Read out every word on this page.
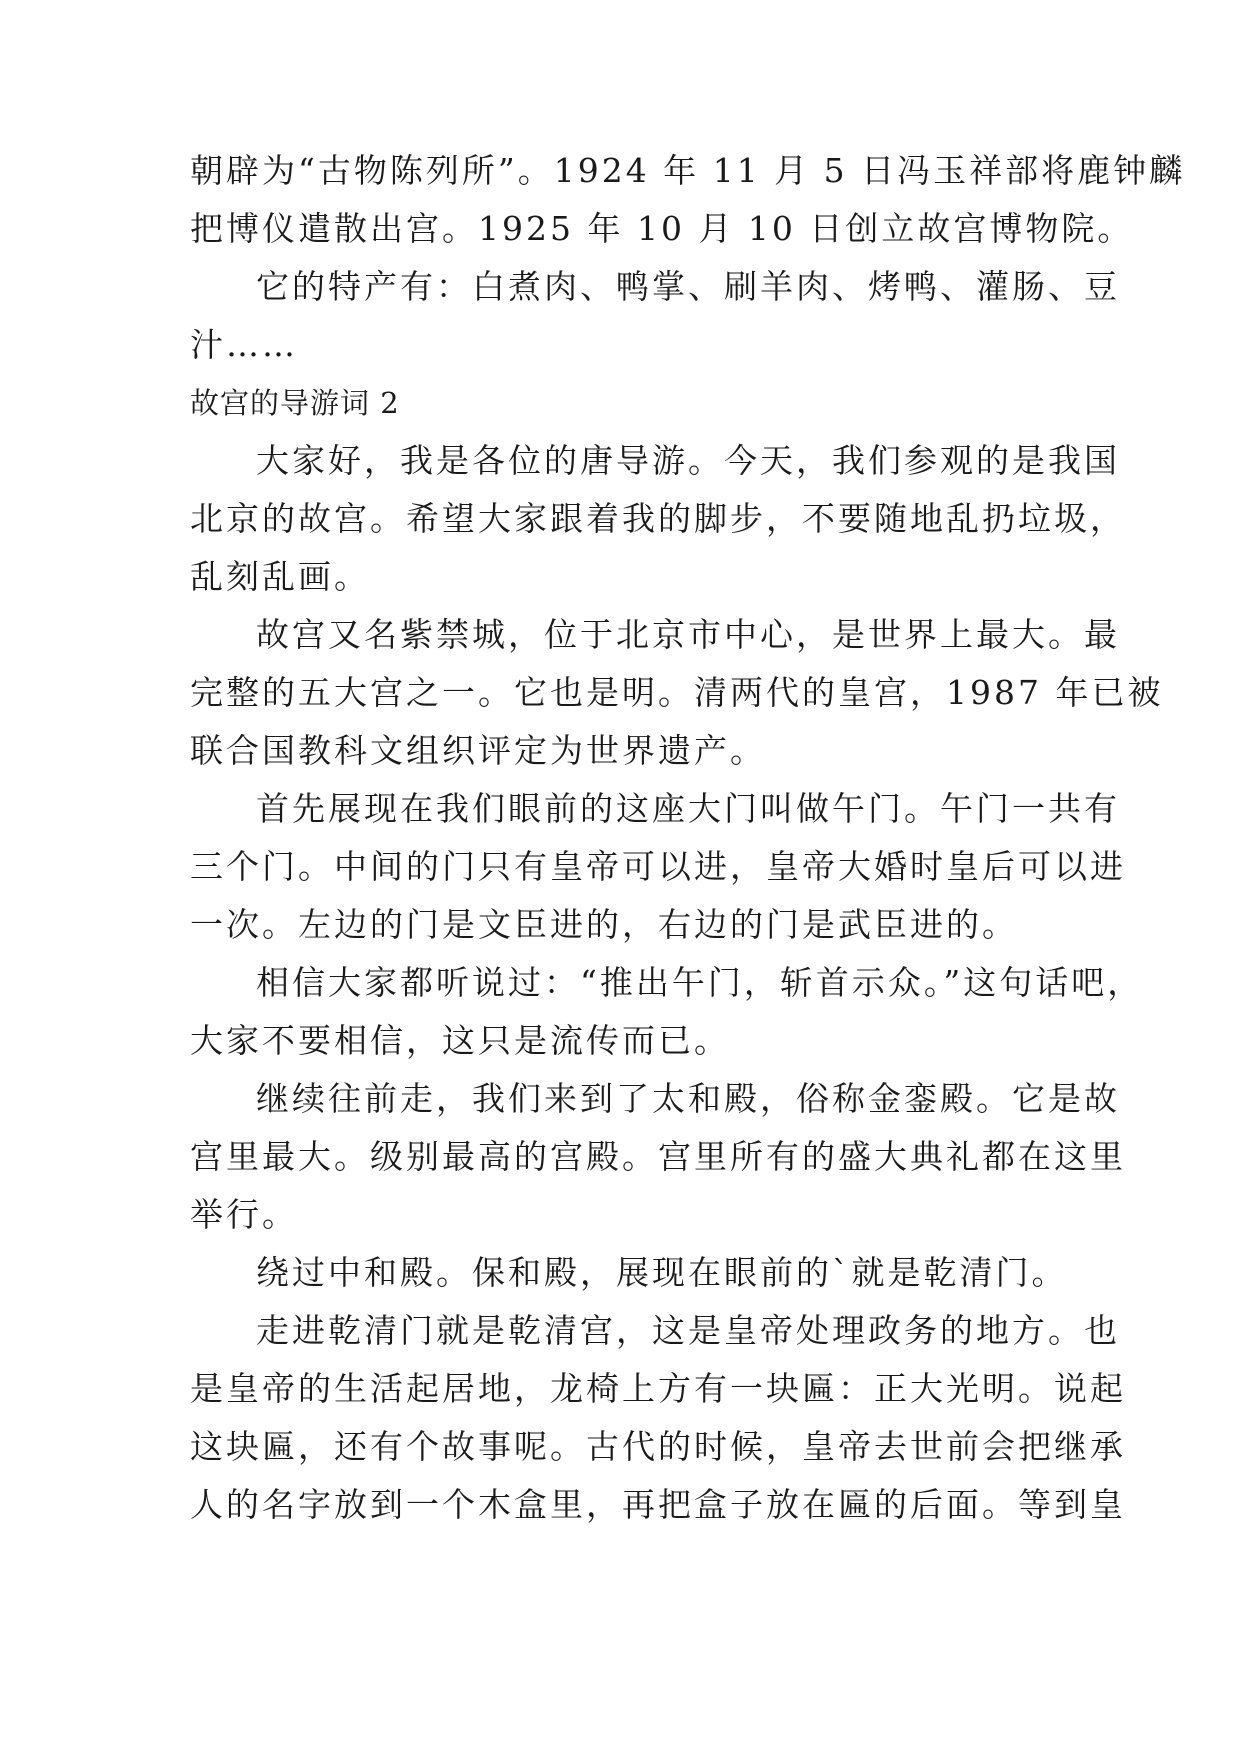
朝辟为“古物陈列所”。1924 年 11 月 5 日冯玉祥部将鹿钟麟
把博仪遣散出宫。1925 年 10 月 10 日创立故宫博物院。
它的特产有：白煮肉、鸭掌、刷羊肉、烤鸭、灌肠、豆
汁……
故宫的导游词 2
大家好，我是各位的唐导游。今天，我们参观的是我国
北京的故宫。希望大家跟着我的脚步，不要随地乱扔垃圾，
乱刻乱画。
故宫又名紫禁城，位于北京市中心，是世界上最大。最
完整的五大宫之一。它也是明。清两代的皇宫，1987 年已被
联合国教科文组织评定为世界遗产。
首先展现在我们眼前的这座大门叫做午门。午门一共有
三个门。中间的门只有皇帝可以进，皇帝大婚时皇后可以进
一次。左边的门是文臣进的，右边的门是武臣进的。
相信大家都听说过：“推出午门，斩首示众。”这句话吧，
大家不要相信，这只是流传而已。
继续往前走，我们来到了太和殿，俗称金銮殿。它是故
宫里最大。级别最高的宫殿。宫里所有的盛大典礼都在这里
举行。
绕过中和殿。保和殿，展现在眼前的`就是乾清门。
走进乾清门就是乾清宫，这是皇帝处理政务的地方。也
是皇帝的生活起居地，龙椅上方有一块匾：正大光明。说起
这块匾，还有个故事呢。古代的时候，皇帝去世前会把继承
人的名字放到一个木盒里，再把盒子放在匾的后面。等到皇
